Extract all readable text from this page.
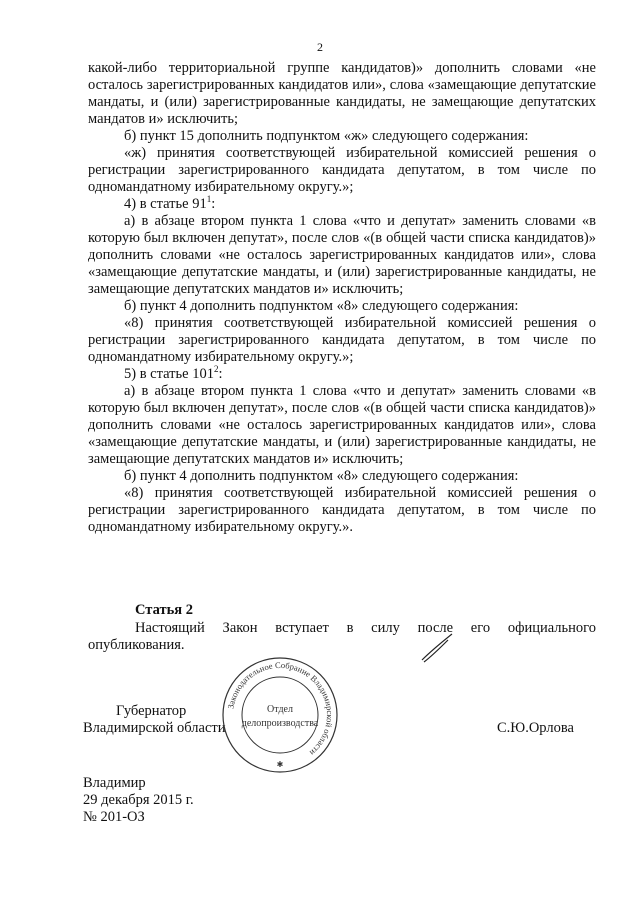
2

какой-либо территориальной группе кандидатов)» дополнить словами «не осталось зарегистрированных кандидатов или», слова «замещающие депутатские мандаты, и (или) зарегистрированные кандидаты, не замещающие депутатских мандатов и» исключить;

б) пункт 15 дополнить подпунктом «ж» следующего содержания:

«ж) принятия соответствующей избирательной комиссией решения о регистрации зарегистрированного кандидата депутатом, в том числе по одномандатному избирательному округу.»;

4) в статье $91^1$:

а) в абзаце втором пункта 1 слова «что и депутат» заменить словами «в которую был включен депутат», после слов «(в общей части списка кандидатов)» дополнить словами «не осталось зарегистрированных кандидатов или», слова «замещающие депутатские мандаты, и (или) зарегистрированные кандидаты, не замещающие депутатских мандатов и» исключить;

б) пункт 4 дополнить подпунктом «8» следующего содержания:

«8) принятия соответствующей избирательной комиссией решения о регистрации зарегистрированного кандидата депутатом, в том числе по одномандатному избирательному округу.»;

5) в статье $101^2$:

а) в абзаце втором пункта 1 слова «что и депутат» заменить словами «в которую был включен депутат», после слов «(в общей части списка кандидатов)» дополнить словами «не осталось зарегистрированных кандидатов или», слова «замещающие депутатские мандаты, и (или) зарегистрированные кандидаты, не замещающие депутатских мандатов и» исключить;

б) пункт 4 дополнить подпунктом «8» следующего содержания:

«8) принятия соответствующей избирательной комиссией решения о регистрации зарегистрированного кандидата депутатом, в том числе по одномандатному избирательному округу.».

Статья 2
Настоящий Закон вступает в силу после его официального опубликования.
Губернатор
Владимирской области
Законодательное Собрание Владимирской области
Отдел
делопроизводства
✱
С.Ю.Орлова
Владимир
29 декабря 2015 г.
№ 201-ОЗ
